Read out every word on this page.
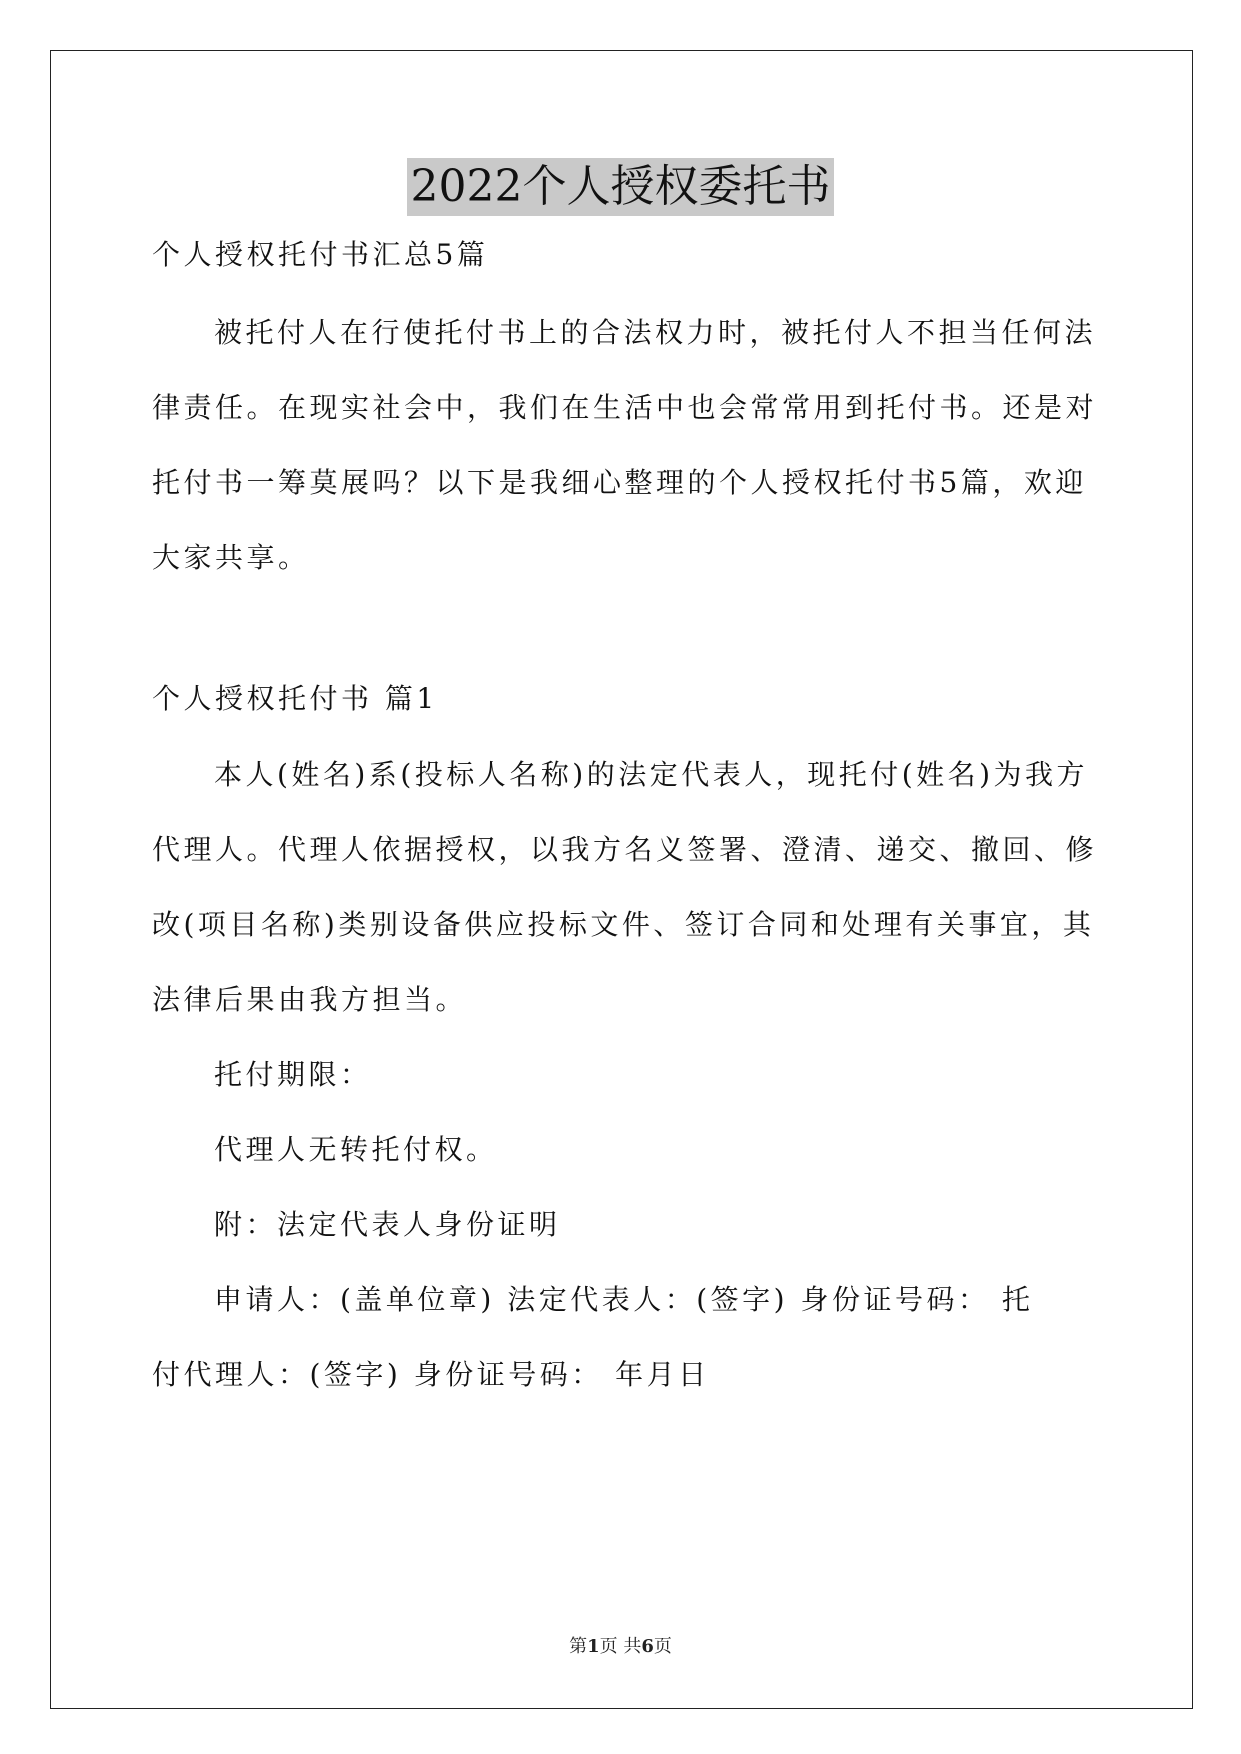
2022个人授权委托书
个人授权托付书汇总5篇
被托付人在行使托付书上的合法权力时，被托付人不担当任何法
律责任。在现实社会中，我们在生活中也会常常用到托付书。还是对
托付书一筹莫展吗？以下是我细心整理的个人授权托付书5篇，欢迎
大家共享。
个人授权托付书 篇1
本人(姓名)系(投标人名称)的法定代表人，现托付(姓名)为我方
代理人。代理人依据授权，以我方名义签署、澄清、递交、撤回、修
改(项目名称)类别设备供应投标文件、签订合同和处理有关事宜，其
法律后果由我方担当。
托付期限：
代理人无转托付权。
附：法定代表人身份证明
申请人：(盖单位章) 法定代表人：(签字) 身份证号码： 托
付代理人：(签字) 身份证号码： 年月日
第1页 共6页
